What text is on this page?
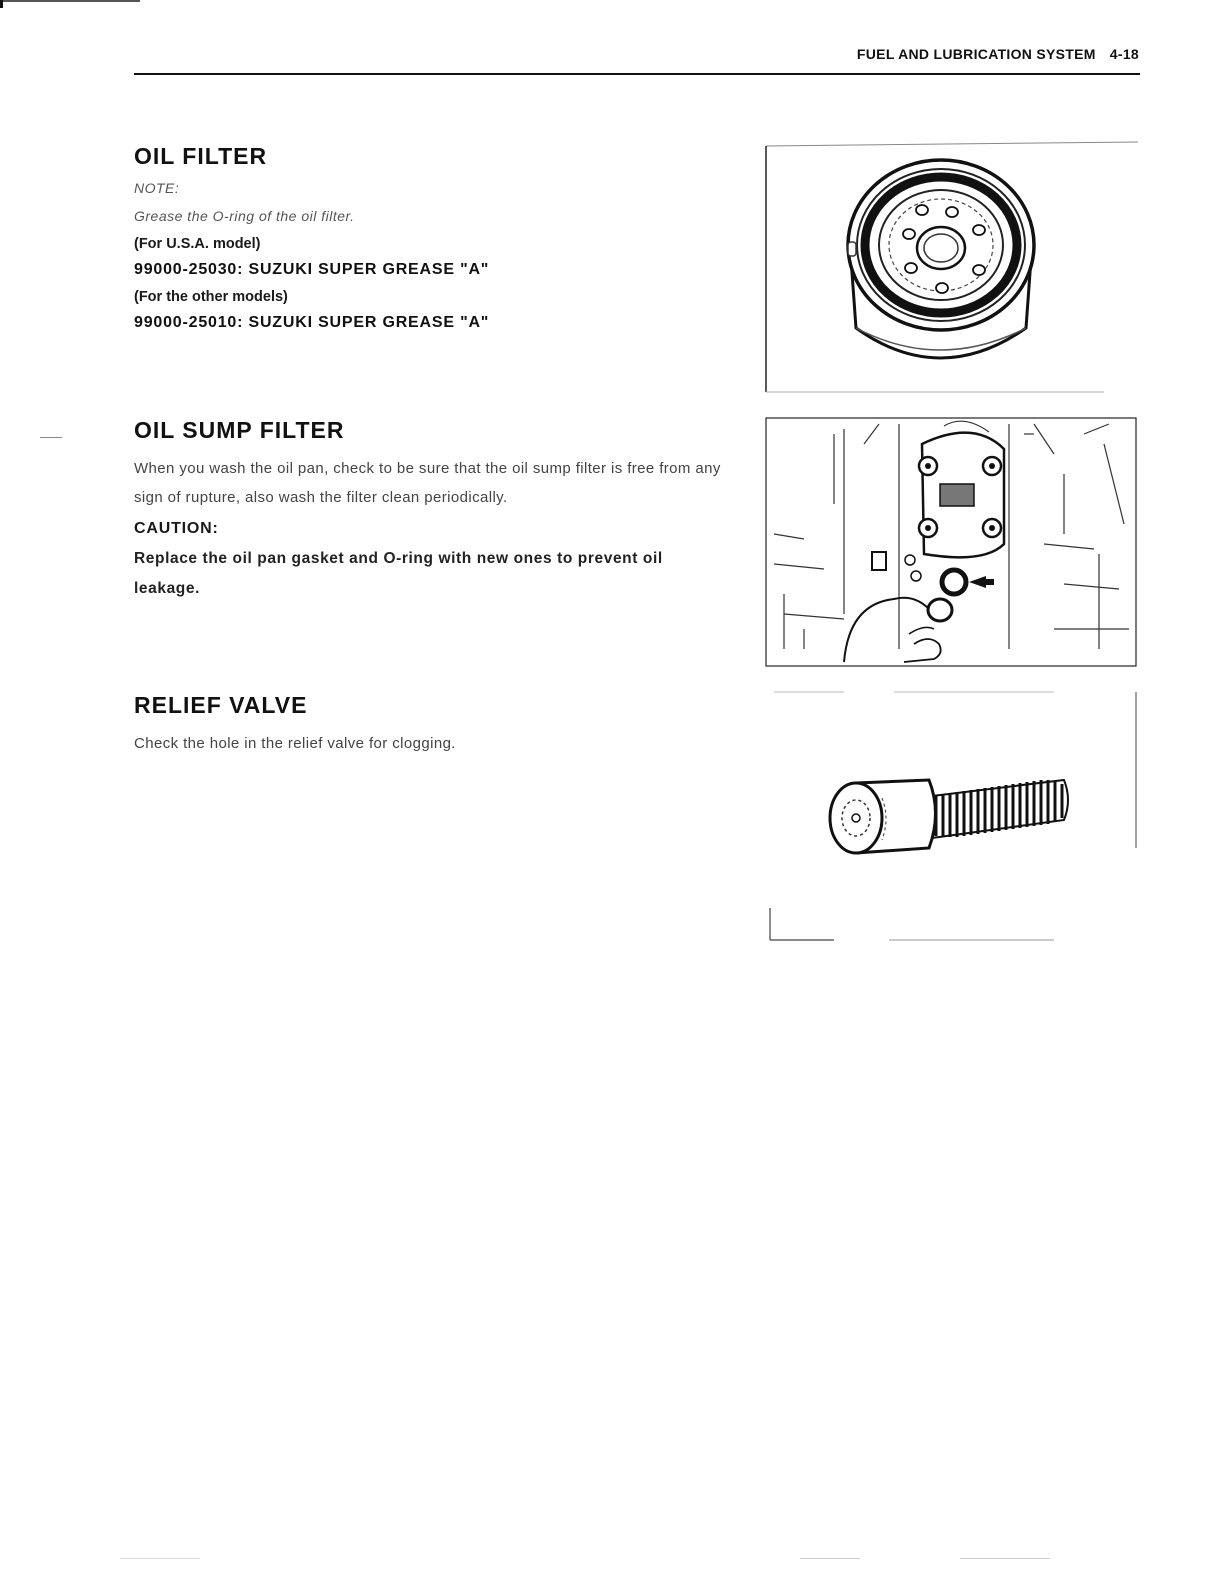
FUEL AND LUBRICATION SYSTEM 4-18
OIL FILTER

NOTE:

Grease the O-ring of the oil filter.

(For U.S.A. model)

99000-25030: SUZUKI SUPER GREASE "A"

(For the other models)

99000-25010: SUZUKI SUPER GREASE "A"

OIL SUMP FILTER

When you wash the oil pan, check to be sure that the oil sump filter is free from any sign of rupture, also wash the filter clean periodically.

CAUTION:

Replace the oil pan gasket and O-ring with new ones to prevent oil leakage.

RELIEF VALVE

Check the hole in the relief valve for clogging.
